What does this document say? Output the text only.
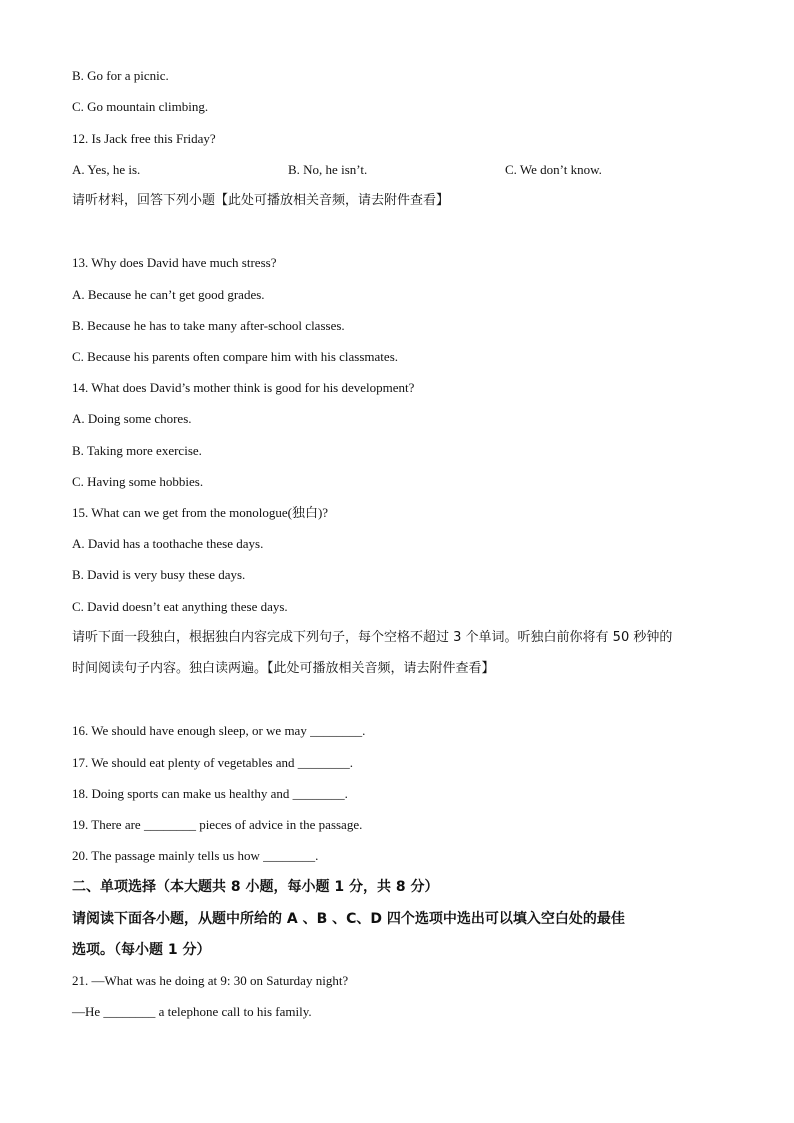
B. Go for a picnic.
C. Go mountain climbing.
12. Is Jack free this Friday?
A. Yes, he is.	B. No, he isn’t.	C. We don’t know.
请听材料，回答下列小题【此处可播放相关音频，请去附件查看】
13. Why does David have much stress?
A. Because he can’t get good grades.
B. Because he has to take many after-school classes.
C. Because his parents often compare him with his classmates.
14. What does David’s mother think is good for his development?
A. Doing some chores.
B. Taking more exercise.
C. Having some hobbies.
15. What can we get from the monologue(独白)?
A. David has a toothache these days.
B. David is very busy these days.
C. David doesn’t eat anything these days.
请听下面一段独白，根据独白内容完成下列句子，每个空格不超过 3 个单词。听独白前你将有 50 秒钟的
时间阅读句子内容。独白读两遍。【此处可播放相关音频，请去附件查看】
16. We should have enough sleep, or we may ________.
17. We should eat plenty of vegetables and ________.
18. Doing sports can make us healthy and ________.
19. There are ________ pieces of advice in the passage.
20. The passage mainly tells us how ________.
二、单项选择（本大题共 8 小题，每小题 1 分，共 8 分）
请阅读下面各小题，从题中所给的 A 、B 、C、D 四个选项中选出可以填入空白处的最佳
选项。（每小题 1 分）
21. —What was he doing at 9: 30 on Saturday night?
—He ________ a telephone call to his family.
